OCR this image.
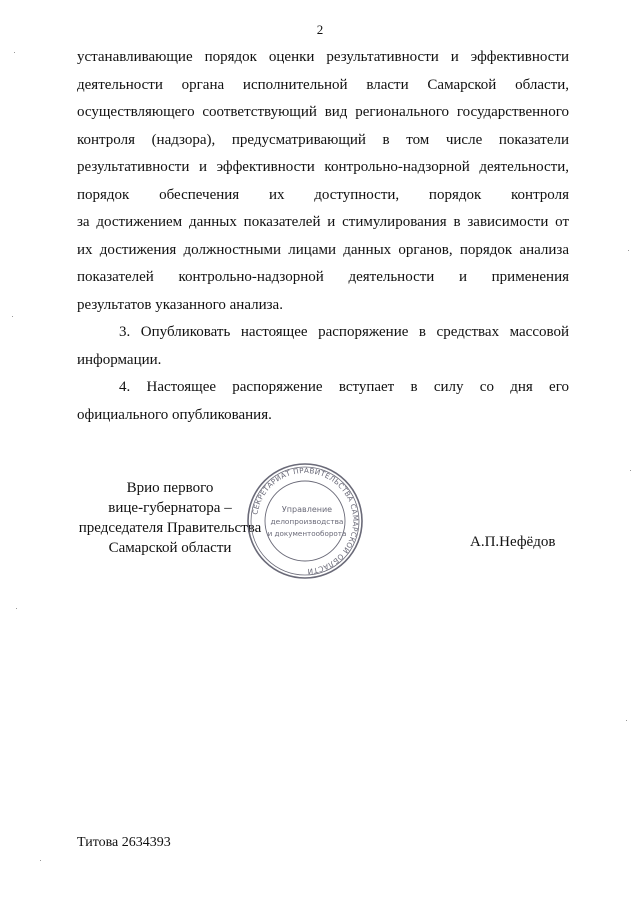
2
устанавливающие порядок оценки результативности и эффективности
деятельности органа исполнительной власти Самарской области,
осуществляющего соответствующий вид регионального государственного
контроля (надзора), предусматривающий в том числе показатели
результативности и эффективности контрольно-надзорной деятельности,
порядок обеспечения их доступности, порядок контроля
за достижением данных показателей и стимулирования в зависимости от
их достижения должностными лицами данных органов, порядок анализа
показателей контрольно-надзорной деятельности и применения
результатов указанного анализа.
3. Опубликовать настоящее распоряжение в средствах массовой
информации.
4. Настоящее распоряжение вступает в силу со дня его
официального опубликования.
Врио первого
вице-губернатора –
председателя Правительства
Самарской области
СЕКРЕТАРИАТ ПРАВИТЕЛЬСТВА САМАРСКОЙ ОБЛАСТИ
Управление
делопроизводства
и документооборота
А.П.Нефёдов
Титова 2634393
